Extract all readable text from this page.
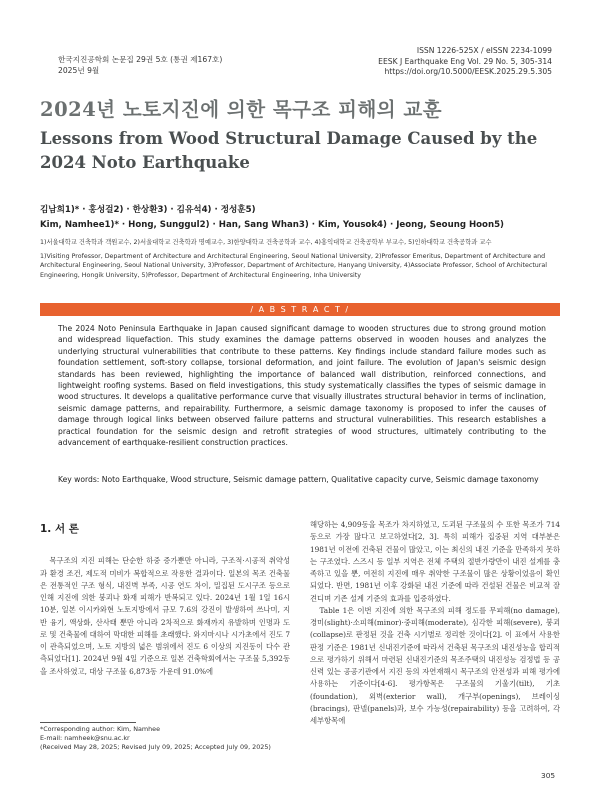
한국지진공학회 논문집 29권 5호 (통권 제167호)
2025년 9월
ISSN 1226-525X / eISSN 2234-1099
EESK J Earthquake Eng Vol. 29 No. 5, 305-314
https://doi.org/10.5000/EESK.2025.29.5.305
2024년 노토지진에 의한 목구조 피해의 교훈
Lessons from Wood Structural Damage Caused by the 2024 Noto Earthquake
김남희1)* · 홍성걸2) · 한상환3) · 김유석4) · 정성훈5)
Kim, Namhee1)* · Hong, Sunggul2) · Han, Sang Whan3) · Kim, Yousok4) · Jeong, Seoung Hoon5)
1)서울대학교 건축학과 객원교수, 2)서울대학교 건축학과 명예교수, 3)한양대학교 건축공학과 교수, 4)홍익대학교 건축공학부 부교수, 5)인하대학교 건축공학과 교수
1)Visiting Professor, Department of Architecture and Architectural Engineering, Seoul National University, 2)Professor Emeritus, Department of Architecture and Architectural Engineering, Seoul National University, 3)Professor, Department of Architecture, Hanyang University, 4)Associate Professor, School of Architectural Engineering, Hongik University, 5)Professor, Department of Architectural Engineering, Inha University
/ A B S T R A C T /

The 2024 Noto Peninsula Earthquake in Japan caused significant damage to wooden structures due to strong ground motion and widespread liquefaction. This study examines the damage patterns observed in wooden houses and analyzes the underlying structural vulnerabilities that contribute to these patterns. Key findings include standard failure modes such as foundation settlement, soft-story collapse, torsional deformation, and joint failure. The evolution of Japan's seismic design standards has been reviewed, highlighting the importance of balanced wall distribution, reinforced connections, and lightweight roofing systems. Based on field investigations, this study systematically classifies the types of seismic damage in wood structures. It develops a qualitative performance curve that visually illustrates structural behavior in terms of inclination, seismic damage patterns, and repairability. Furthermore, a seismic damage taxonomy is proposed to infer the causes of damage through logical links between observed failure patterns and structural vulnerabilities. This research establishes a practical foundation for the seismic design and retrofit strategies of wood structures, ultimately contributing to the advancement of earthquake-resilient construction practices.

Key words: Noto Earthquake, Wood structure, Seismic damage pattern, Qualitative capacity curve, Seismic damage taxonomy

1. 서 론

목구조의 지진 피해는 단순한 하중 증가뿐만 아니라, 구조적·시공적 취약성과 환경 조건, 제도적 미비가 복합적으로 작용한 결과이다. 일본의 목조 건축물은 전통적인 구조 형식, 내진벽 부족, 시공 연도 차이, 밀집된 도시구조 등으로 인해 지진에 의한 붕괴나 화재 피해가 반복되고 있다. 2024년 1월 1일 16시 10분, 일본 이시카와현 노토지방에서 규모 7.6의 강진이 발생하여 쓰나미, 지반 융기, 액상화, 산사태 뿐만 아니라 2차적으로 화재까지 유발하며 인명과 도로 및 건축물에 대하여 막대한 피해를 초래했다. 와지마시나 시가초에서 진도 7이 관측되었으며, 노토 지방의 넓은 범위에서 진도 6 이상의 지진동이 다수 관측되었다[1]. 2024년 9월 4일 기준으로 일본 건축학회에서는 구조물 5,392동을 조사하였고, 대상 구조물 6,873동 가운데 91.0%에

해당하는 4,909동을 목조가 차지하였고, 도괴된 구조물의 수 또한 목조가 714동으로 가장 많다고 보고하였다[2, 3]. 특히 피해가 집중된 지역 대부분은 1981년 이전에 건축된 건물이 많았고, 이는 최신의 내진 기준을 만족하지 못하는 구조였다. 스즈시 등 일부 지역은 전체 주택의 절반가량만이 내진 설계를 충족하고 있을 뿐, 여전히 지진에 매우 취약한 구조물이 많은 상황이었음이 확인되었다. 반면, 1981년 이후 강화된 내진 기준에 따라 건설된 건물은 비교적 잘 견디며 기존 설계 기준의 효과를 입증하였다.

Table 1은 이번 지진에 의한 목구조의 피해 정도를 무피해(no damage), 경미(slight)·소피해(minor)·중피해(moderate), 심각한 피해(severe), 붕괴(collapse)로 판정된 것을 건축 시기별로 정리한 것이다[2]. 이 표에서 사용한 판정 기준은 1981년 신내진기준에 따라서 건축된 목구조의 내진성능을 합리적으로 평가하기 위해서 마련된 신내진기준의 목조주택의 내진성능 검정법 등 공신력 있는 공공기관에서 지진 등의 자연재해시 목구조의 안전성과 피해 평가에 사용하는 기준이다[4-6]. 평가항목은 구조물의 기울기(tilt), 기초(foundation), 외벽(exterior wall), 개구부(openings), 브레이싱(bracings), 판넬(panels)과, 보수 가능성(repairability) 등을 고려하여, 각 세부항목에

*Corresponding author: Kim, Namhee
E-mail: namheek@snu.ac.kr
(Received May 28, 2025; Revised July 09, 2025; Accepted July 09, 2025)
305
